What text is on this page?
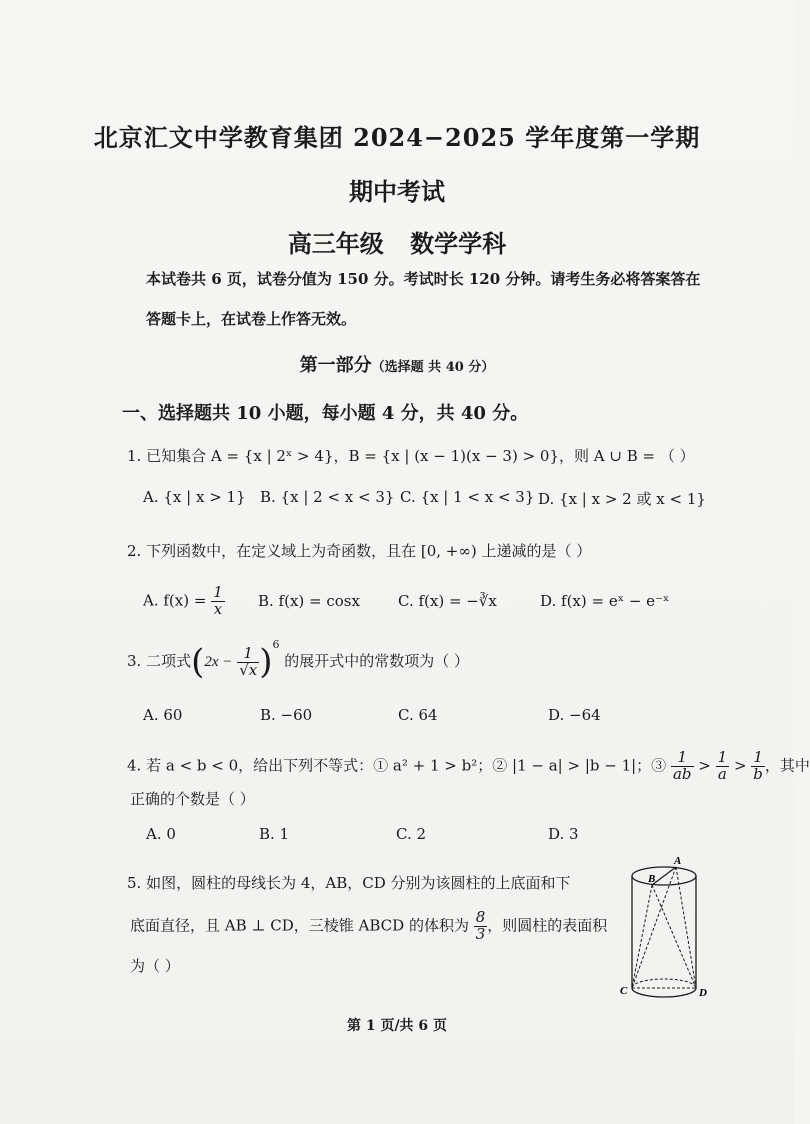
北京汇文中学教育集团 2024−2025 学年度第一学期
期中考试
高三年级 数学学科
本试卷共 6 页，试卷分值为 150 分。考试时长 120 分钟。请考生务必将答案答在
答题卡上，在试卷上作答无效。
第一部分（选择题 共 40 分）
一、选择题共 10 小题，每小题 4 分，共 40 分。
1. 已知集合 A = {x | 2ˣ > 4}，B = {x | (x − 1)(x − 3) > 0}，则 A ∪ B = （ ）
A. {x | x > 1} B. {x | 2 < x < 3} C. {x | 1 < x < 3} D. {x | x > 2 或 x < 1}
2. 下列函数中，在定义域上为奇函数，且在 [0, +∞) 上递减的是（ ）
A. $f(x) = \frac{1}{x} B$. f(x) = cosx	C. f(x) = −∛x	D. f(x) = eˣ − e⁻ˣ
3. 二项式$(2x - \frac{1}{√x} )^6$ 的展开式中的常数项为（ ）
A. 60	B. −60	C. 64	D. −64
4. 若 a < b < 0，给出下列不等式：① a² + 1 > b²；② |1 − a| > |b − 1|；③ $\frac{1}{ab} > \frac{1}{a} > \frac{1}{b}$ ，其中
正确的个数是（ ）
A. 0	B. 1	C. 2	D. 3
5. 如图，圆柱的母线长为 4，AB，CD 分别为该圆柱的上底面和下
底面直径，且 AB ⊥ CD，三棱锥 ABCD 的体积为 $\frac{8}{3}$ ，则圆柱的表面积
为（ ）
A
B
C	D
第 1 页/共 6 页
